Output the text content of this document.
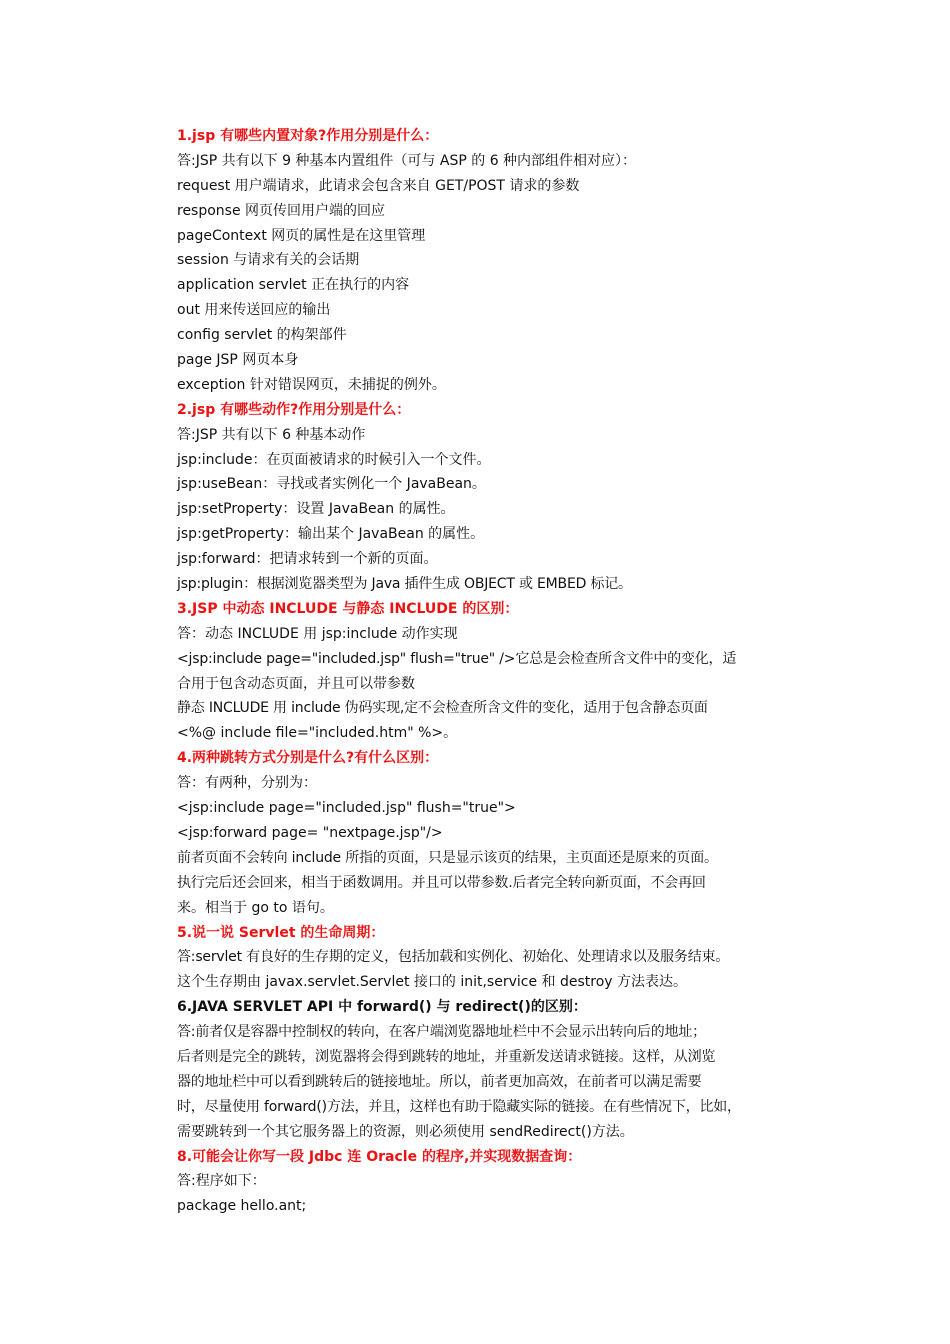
1.jsp 有哪些内置对象?作用分别是什么：
答:JSP 共有以下 9 种基本内置组件（可与 ASP 的 6 种内部组件相对应）：
request 用户端请求，此请求会包含来自 GET/POST 请求的参数
response 网页传回用户端的回应
pageContext 网页的属性是在这里管理
session 与请求有关的会话期
application servlet 正在执行的内容
out 用来传送回应的输出
config servlet 的构架部件
page JSP 网页本身
exception 针对错误网页，未捕捉的例外。
2.jsp 有哪些动作?作用分别是什么：
答:JSP 共有以下 6 种基本动作
jsp:include：在页面被请求的时候引入一个文件。
jsp:useBean：寻找或者实例化一个 JavaBean。
jsp:setProperty：设置 JavaBean 的属性。
jsp:getProperty：输出某个 JavaBean 的属性。
jsp:forward：把请求转到一个新的页面。
jsp:plugin：根据浏览器类型为 Java 插件生成 OBJECT 或 EMBED 标记。
3.JSP 中动态 INCLUDE 与静态 INCLUDE 的区别：
答：动态 INCLUDE 用 jsp:include 动作实现
<jsp:include page="included.jsp" flush="true" />它总是会检查所含文件中的变化，适
合用于包含动态页面，并且可以带参数
静态 INCLUDE 用 include 伪码实现,定不会检查所含文件的变化，适用于包含静态页面
<%@ include file="included.htm" %>。
4.两种跳转方式分别是什么?有什么区别：
答：有两种，分别为：
<jsp:include page="included.jsp" flush="true">
<jsp:forward page= "nextpage.jsp"/>
前者页面不会转向 include 所指的页面，只是显示该页的结果，主页面还是原来的页面。
执行完后还会回来，相当于函数调用。并且可以带参数.后者完全转向新页面，不会再回
来。相当于 go to 语句。
5.说一说 Servlet 的生命周期：
答:servlet 有良好的生存期的定义，包括加载和实例化、初始化、处理请求以及服务结束。
这个生存期由 javax.servlet.Servlet 接口的 init,service 和 destroy 方法表达。
6.JAVA SERVLET API 中 forward() 与 redirect()的区别：
答:前者仅是容器中控制权的转向，在客户端浏览器地址栏中不会显示出转向后的地址；
后者则是完全的跳转，浏览器将会得到跳转的地址，并重新发送请求链接。这样，从浏览
器的地址栏中可以看到跳转后的链接地址。所以，前者更加高效，在前者可以满足需要
时，尽量使用 forward()方法，并且，这样也有助于隐藏实际的链接。在有些情况下，比如，
需要跳转到一个其它服务器上的资源，则必须使用 sendRedirect()方法。
8.可能会让你写一段 Jdbc 连 Oracle 的程序,并实现数据查询：
答:程序如下：
package hello.ant;
